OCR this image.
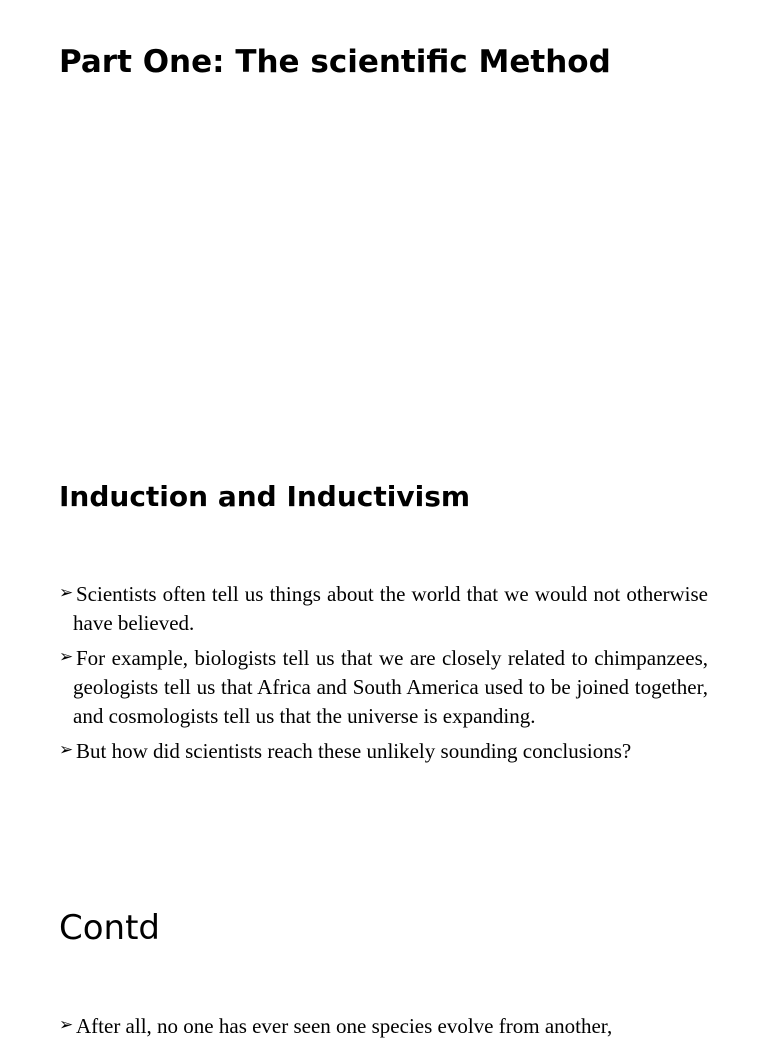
Part One: The scientific Method
Induction and Inductivism
➢ Scientists often tell us things about the world that we would not otherwise have believed.
➢ For example, biologists tell us that we are closely related to chimpanzees, geologists tell us that Africa and South America used to be joined together, and cosmologists tell us that the universe is expanding.
➢ But how did scientists reach these unlikely sounding conclusions?
Contd
➢ After all, no one has ever seen one species evolve from another,
